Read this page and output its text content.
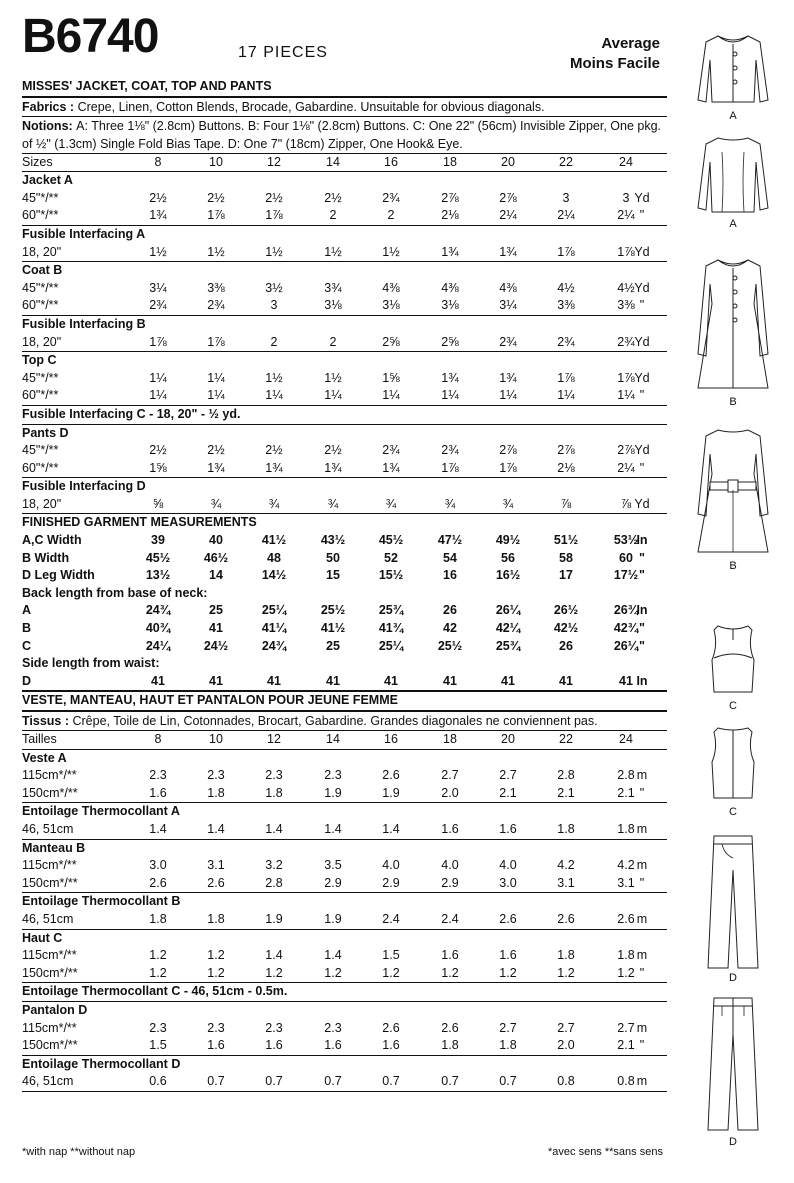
B6740	17 PIECES
Average
Moins Facile
MISSES' JACKET, COAT, TOP AND PANTS
Fabrics : Crepe, Linen, Cotton Blends, Brocade, Gabardine. Unsuitable for obvious diagonals.
Notions: A: Three 1⅛" (2.8cm) Buttons. B: Four 1⅛" (2.8cm) Buttons. C: One 22" (56cm) Invisible Zipper, One pkg.
of ½" (1.3cm) Single Fold Bias Tape. D: One 7" (18cm) Zipper, One Hook& Eye.
Sizes	8	10	12	14	16	18	20	22	24
Jacket A
45"*/**	2½	2½	2½	2½	2¾	2⅞	2⅞	3	3 Yd
60"*/**	1¾	1⅞	1⅞	2	2	2⅛	2¼	2¼	2¼ "
Fusible Interfacing A
18, 20"	1½	1½	1½	1½	1½	1¾	1¾	1⅞	1⅞ Yd
Coat B
45"*/**	3¼	3⅜	3½	3¾	4⅜	4⅜	4⅜	4½	4½ Yd
60"*/**	2¾	2¾	3	3⅛	3⅛	3⅛	3¼	3⅜	3⅜ "
Fusible Interfacing B
18, 20"	1⅞	1⅞	2	2	2⅝	2⅝	2¾	2¾	2¾ Yd
Top C
45"*/**	1¼	1¼	1½	1½	1⅝	1¾	1¾	1⅞	1⅞ Yd
60"*/**	1¼	1¼	1¼	1¼	1¼	1¼	1¼	1¼	1¼ "
Fusible Interfacing C - 18, 20" - ½ yd.
Pants D
45"*/**	2½	2½	2½	2½	2¾	2¾	2⅞	2⅞	2⅞ Yd
60"*/**	1⅝	1¾	1¾	1¾	1¾	1⅞	1⅞	2⅛	2¼ "
Fusible Interfacing D
18, 20"	⅝	¾	¾	¾	¾	¾	¾	⅞	⅞ Yd
FINISHED GARMENT MEASUREMENTS
A,C Width	39	40	41½	43½	45½	47½	49½	51½	53½
In
B Width	45½	46½	48	50	52	54	56	58	60 "
D Leg Width	13½	14	14½	15	15½	16	16½	17	17½ "
Back length from base of neck:
A	24¾	25	25¼	25½	25¾	26	26¼	26½	26¾
In
B	40¾	41	41¼	41½	41¾	42	42¼	42½	42¾ "
C	24¼	24½	24¾	25	25¼	25½	25¾	26	26¼ "
Side length from waist:
D	41	41	41	41	41	41	41	41	41 In
VESTE, MANTEAU, HAUT ET PANTALON POUR JEUNE FEMME
Tissus : Crêpe, Toile de Lin, Cotonnades, Brocart, Gabardine. Grandes diagonales ne conviennent pas.
Tailles	8	10	12	14	16	18	20	22	24
Veste A
115cm*/**	2.3	2.3	2.3	2.3	2.6	2.7	2.7	2.8	2.8 m
150cm*/**	1.6	1.8	1.8	1.9	1.9	2.0	2.1	2.1	2.1 "
Entoilage Thermocollant A
46, 51cm	1.4	1.4	1.4	1.4	1.4	1.6	1.6	1.8	1.8 m
Manteau B
115cm*/**	3.0	3.1	3.2	3.5	4.0	4.0	4.0	4.2	4.2 m
150cm*/**	2.6	2.6	2.8	2.9	2.9	2.9	3.0	3.1	3.1 "
Entoilage Thermocollant B
46, 51cm	1.8	1.8	1.9	1.9	2.4	2.4	2.6	2.6	2.6 m
Haut C
115cm*/**	1.2	1.2	1.4	1.4	1.5	1.6	1.6	1.8	1.8 m
150cm*/**	1.2	1.2	1.2	1.2	1.2	1.2	1.2	1.2	1.2 "
Entoilage Thermocollant C - 46, 51cm - 0.5m.
Pantalon D
115cm*/**	2.3	2.3	2.3	2.3	2.6	2.6	2.7	2.7	2.7 m
150cm*/**	1.5	1.6	1.6	1.6	1.6	1.8	1.8	2.0	2.1 "
Entoilage Thermocollant D
46, 51cm	0.6	0.7	0.7	0.7	0.7	0.7	0.7	0.8	0.8 m
A
A
B
B
C
C
D
D
*with nap **without nap	*avec sens **sans sens
